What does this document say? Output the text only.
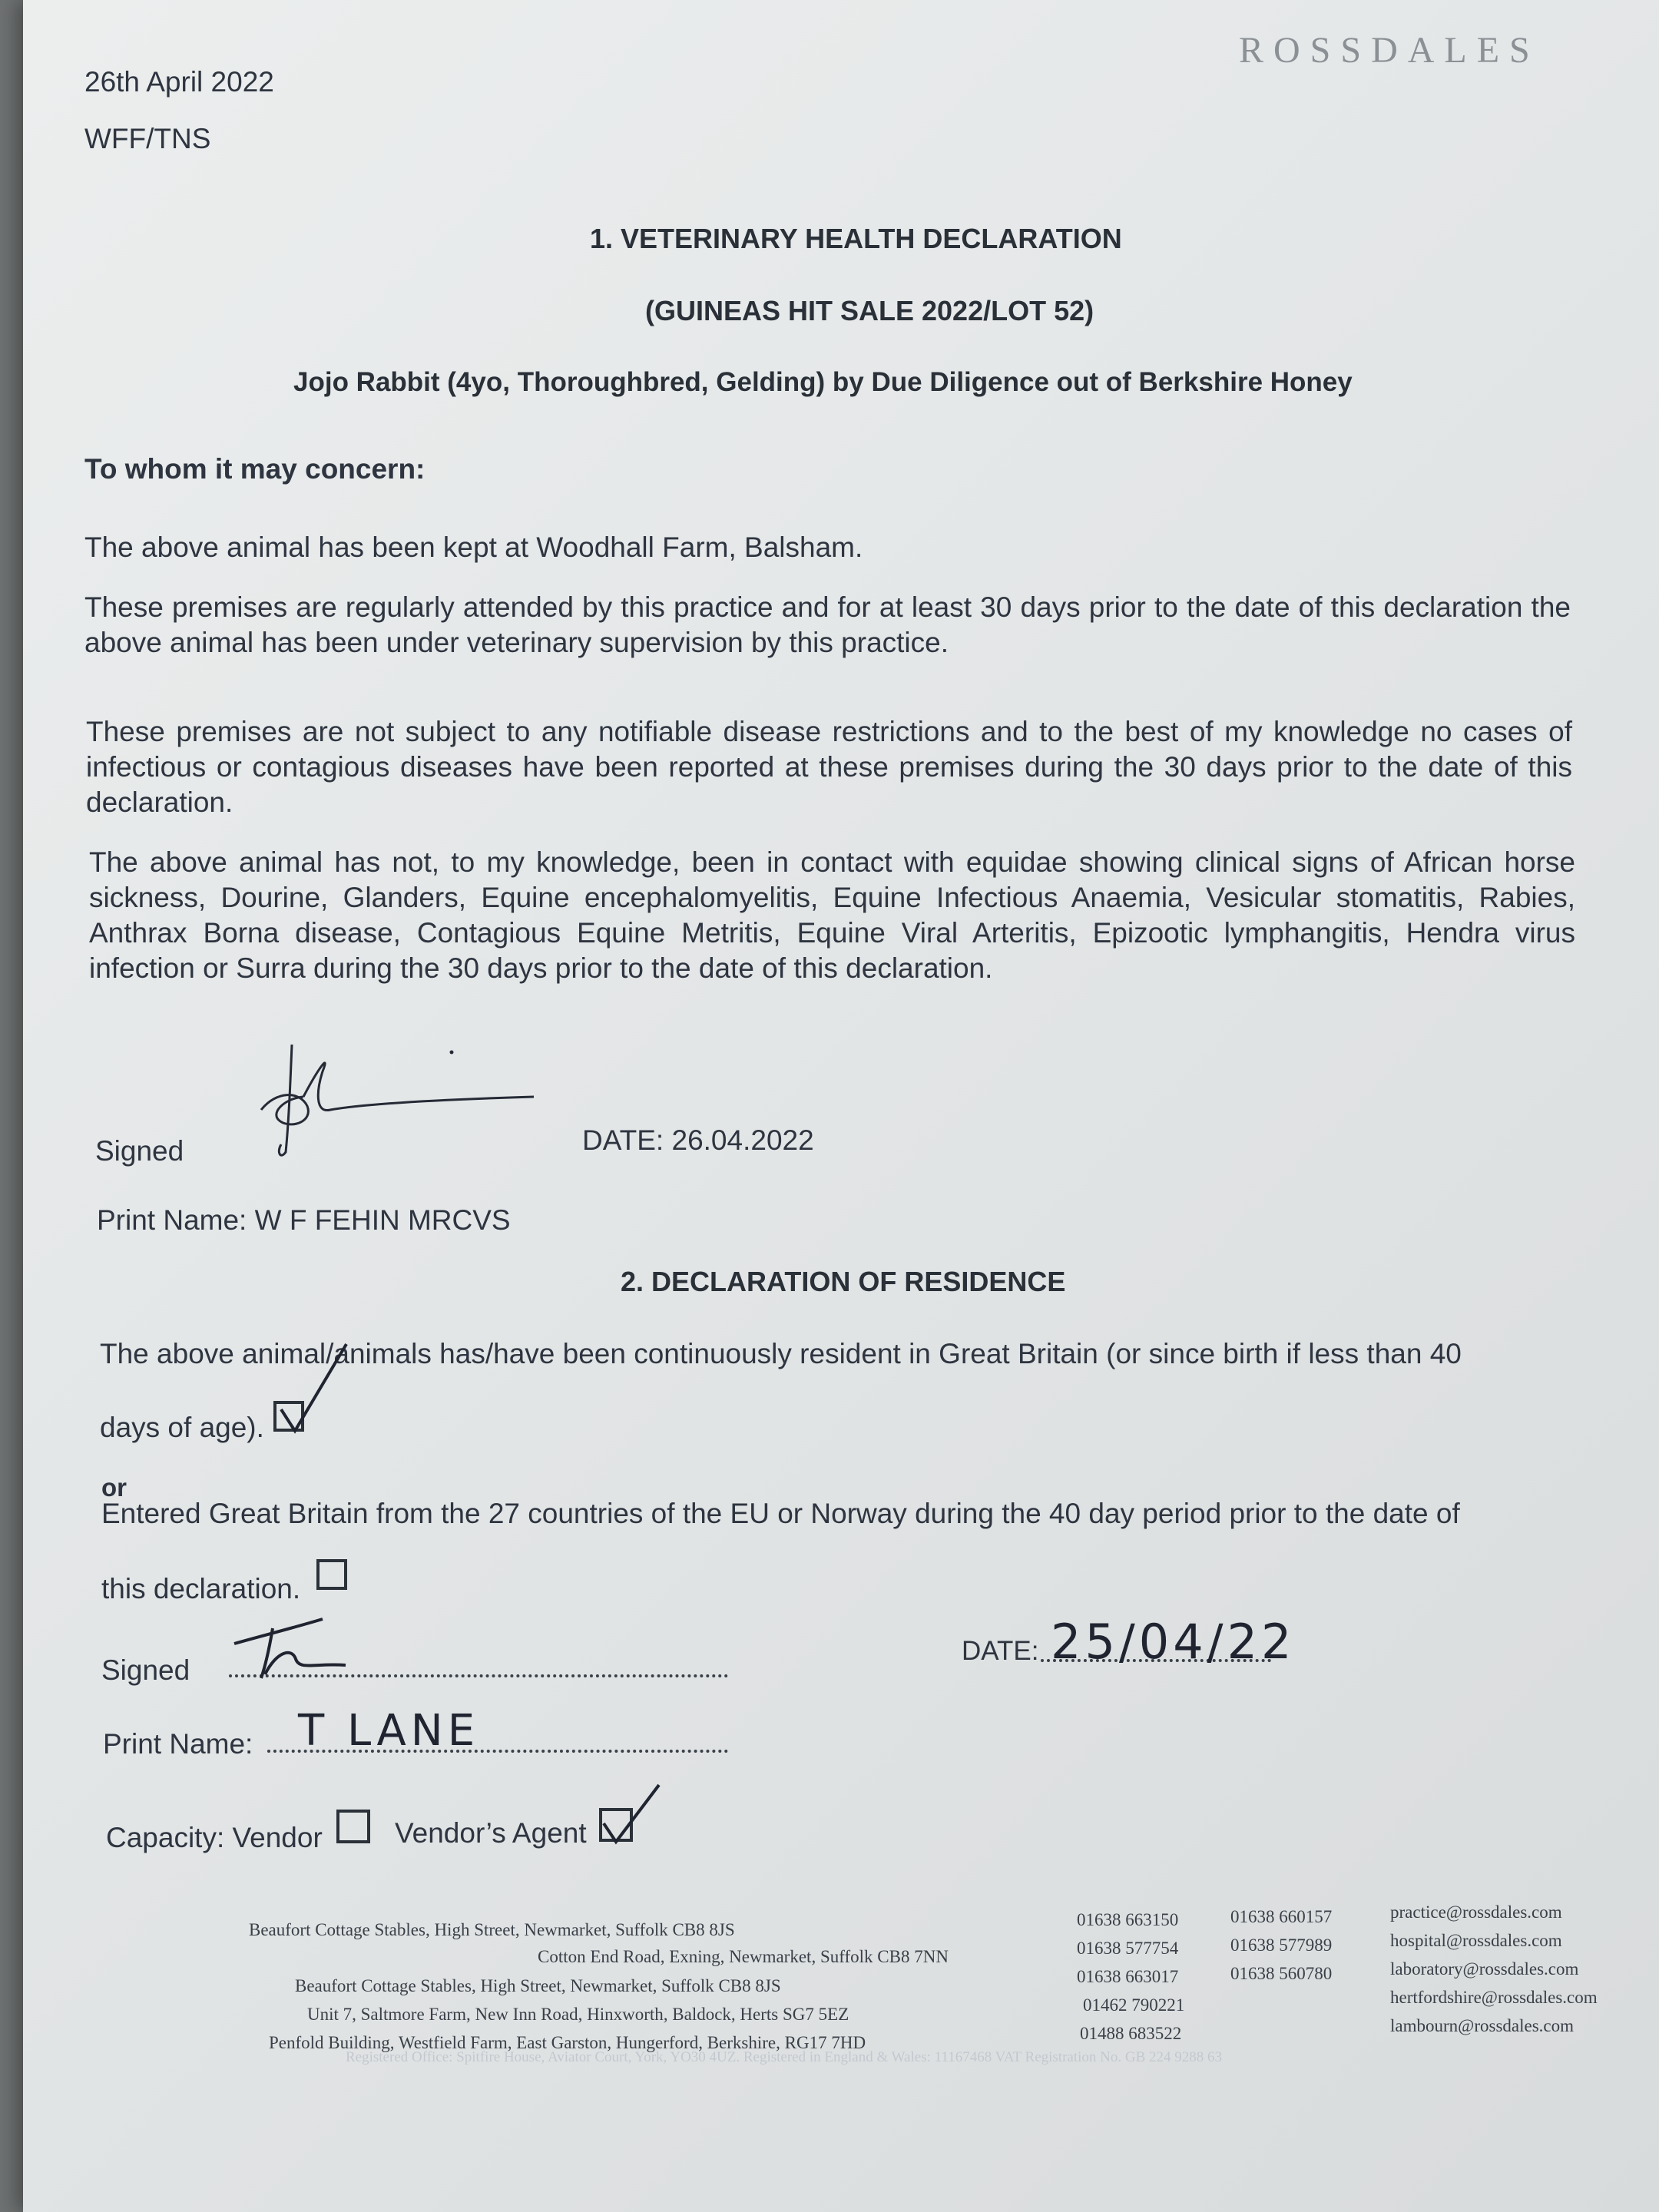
ROSSDALES
26th April 2022
WFF/TNS
1. VETERINARY HEALTH DECLARATION
(GUINEAS HIT SALE 2022/LOT 52)
Jojo Rabbit (4yo, Thoroughbred, Gelding) by Due Diligence out of Berkshire Honey
To whom it may concern:
The above animal has been kept at Woodhall Farm, Balsham.
These premises are regularly attended by this practice and for at least 30 days prior to the date of this declaration the above animal has been under veterinary supervision by this practice.
These premises are not subject to any notifiable disease restrictions and to the best of my knowledge no cases of infectious or contagious diseases have been reported at these premises during the 30 days prior to the date of this declaration.
The above animal has not, to my knowledge, been in contact with equidae showing clinical signs of African horse sickness, Dourine, Glanders, Equine encephalomyelitis, Equine Infectious Anaemia, Vesicular stomatitis, Rabies, Anthrax Borna disease, Contagious Equine Metritis, Equine Viral Arteritis, Epizootic lymphangitis, Hendra virus infection or Surra during the 30 days prior to the date of this declaration.
Signed	DATE: 26.04.2022
Print Name: W F FEHIN MRCVS
2. DECLARATION OF RESIDENCE
The above animal/animals has/have been continuously resident in Great Britain (or since birth if less than 40
days of age).
or
Entered Great Britain from the 27 countries of the EU or Norway during the 40 day period prior to the date of
this declaration.
Signed
DATE: 25/04/22
Print Name: T LANE
Capacity: Vendor	Vendor’s Agent
Beaufort Cottage Stables, High Street, Newmarket, Suffolk CB8 8JS
Cotton End Road, Exning, Newmarket, Suffolk CB8 7NN
Beaufort Cottage Stables, High Street, Newmarket, Suffolk CB8 8JS
Unit 7, Saltmore Farm, New Inn Road, Hinxworth, Baldock, Herts SG7 5EZ
Penfold Building, Westfield Farm, East Garston, Hungerford, Berkshire, RG17 7HD
01638 663150
01638 577754
01638 663017
01462 790221
01488 683522
01638 660157
01638 577989
01638 560780
practice@rossdales.com
hospital@rossdales.com
laboratory@rossdales.com
hertfordshire@rossdales.com
lambourn@rossdales.com
Registered Office: Spitfire House, Aviator Court, York, YO30 4UZ. Registered in England & Wales: 11167468 VAT Registration No. GB 224 9288 63
